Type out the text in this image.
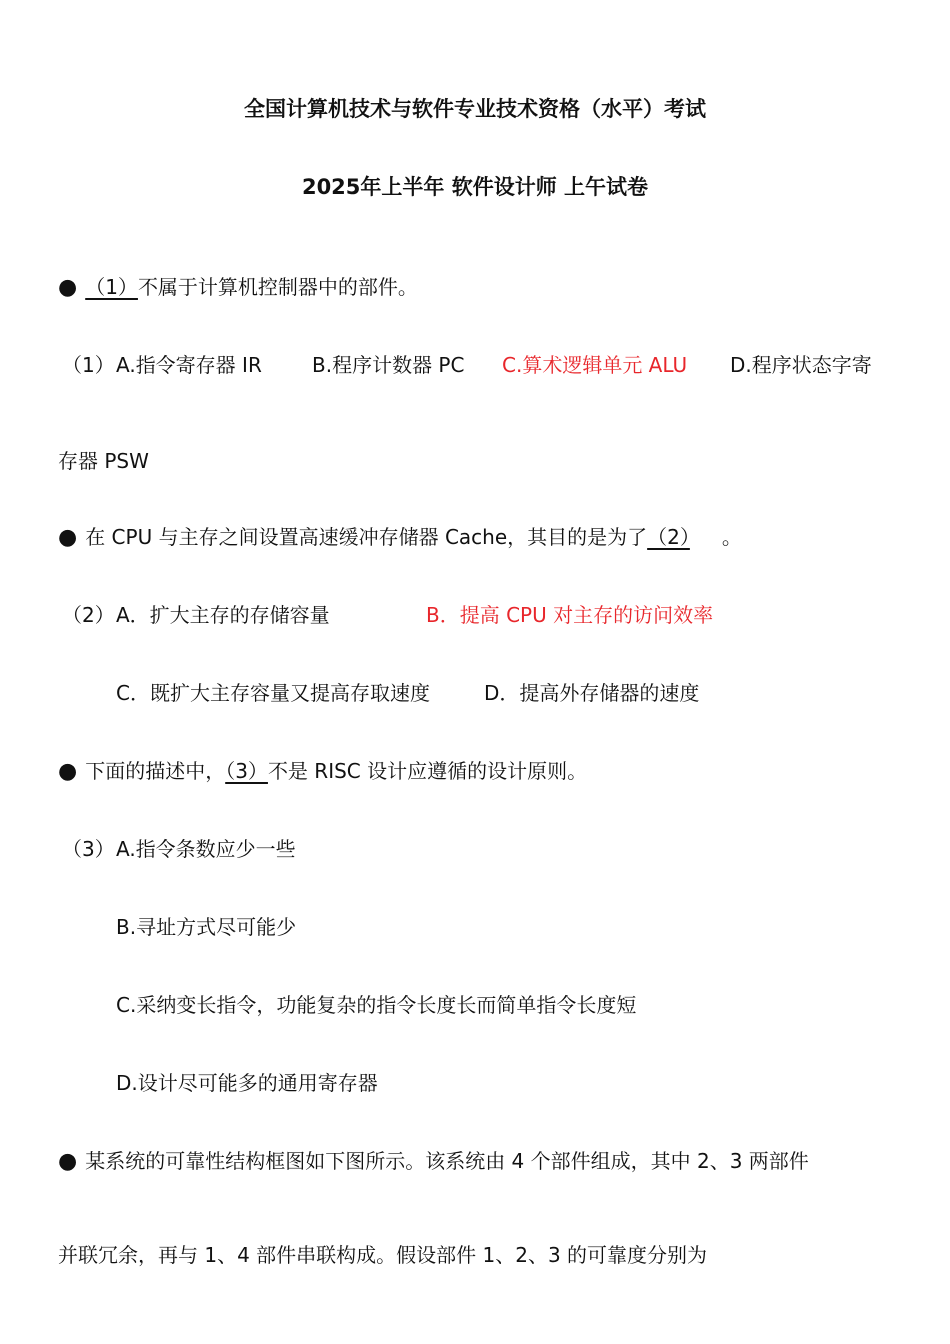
全国计算机技术与软件专业技术资格（水平）考试
2025年上半年 软件设计师 上午试卷
● （1）不属于计算机控制器中的部件。
（1） A.指令寄存器 IR	B.程序计数器 PC C.算术逻辑单元 ALU D.程序状态字寄
存器 PSW
● 在 CPU 与主存之间设置高速缓冲存储器 Cache，其目的是为了（2） 。
（2） A．扩大主存的存储容量	B．提高 CPU 对主存的访问效率
C．既扩大主存容量又提高存取速度	D．提高外存储器的速度
● 下面的描述中，（3）不是 RISC 设计应遵循的设计原则。
（3） A.指令条数应少一些
B.寻址方式尽可能少
C.采纳变长指令，功能复杂的指令长度长而简单指令长度短
D.设计尽可能多的通用寄存器
● 某系统的可靠性结构框图如下图所示。该系统由 4 个部件组成，其中 2、3 两部件
并联冗余，再与 1、4 部件串联构成。假设部件 1、2、3 的可靠度分别为
